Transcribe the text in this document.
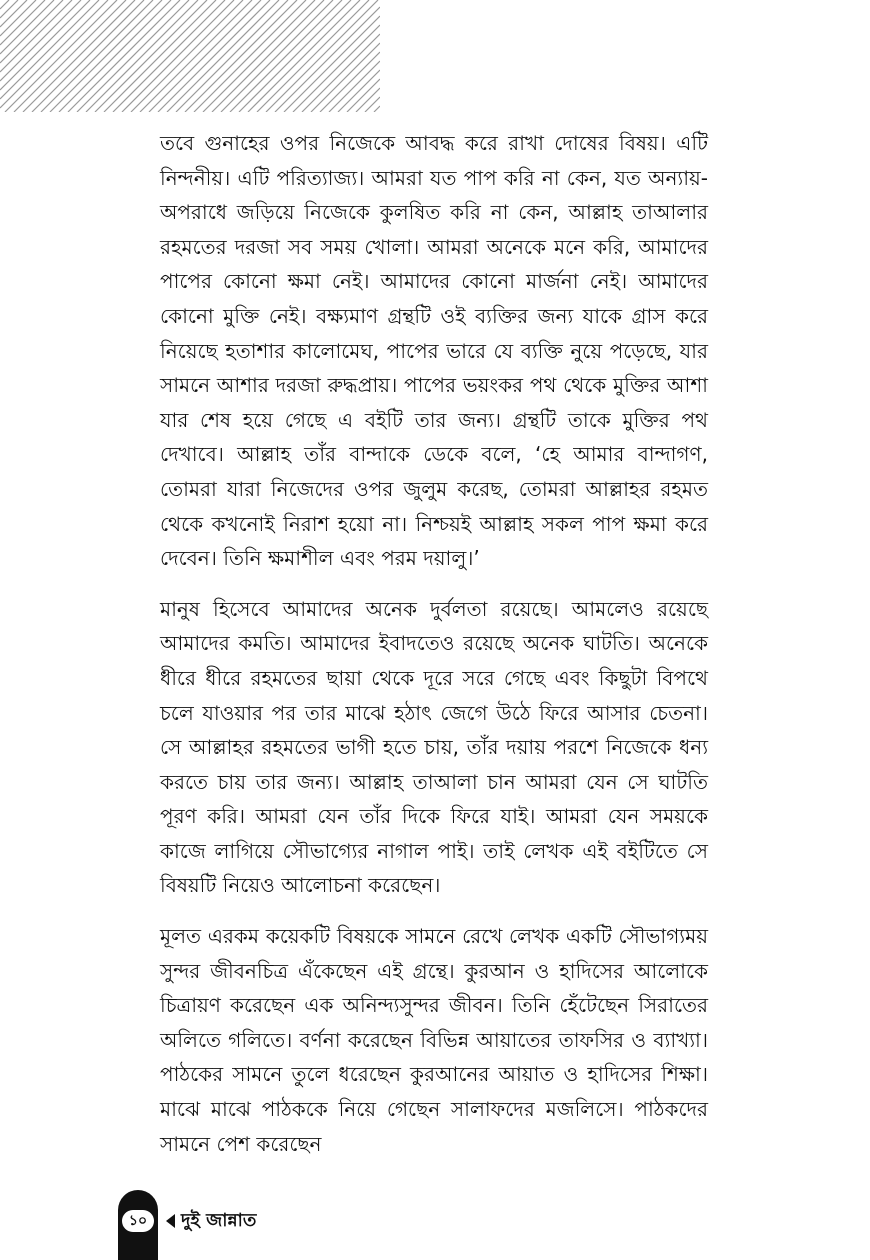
তবে গুনাহের ওপর নিজেকে আবদ্ধ করে রাখা দোষের বিষয়। এটি নিন্দনীয়। এটি পরিত্যাজ্য। আমরা যত পাপ করি না কেন, যত অন্যায়-অপরাধে জড়িয়ে নিজেকে কুলষিত করি না কেন, আল্লাহ তাআলার রহমতের দরজা সব সময় খোলা। আমরা অনেকে মনে করি, আমাদের পাপের কোনো ক্ষমা নেই। আমাদের কোনো মার্জনা নেই। আমাদের কোনো মুক্তি নেই। বক্ষ্যমাণ গ্রন্থটি ওই ব্যক্তির জন্য যাকে গ্রাস করে নিয়েছে হতাশার কালোমেঘ, পাপের ভারে যে ব্যক্তি নুয়ে পড়েছে, যার সামনে আশার দরজা রুদ্ধপ্রায়। পাপের ভয়ংকর পথ থেকে মুক্তির আশা যার শেষ হয়ে গেছে এ বইটি তার জন্য। গ্রন্থটি তাকে মুক্তির পথ দেখাবে। আল্লাহ তাঁর বান্দাকে ডেকে বলে, ‘হে আমার বান্দাগণ, তোমরা যারা নিজেদের ওপর জুলুম করেছ, তোমরা আল্লাহর রহমত থেকে কখনোই নিরাশ হয়ো না। নিশ্চয়ই আল্লাহ সকল পাপ ক্ষমা করে দেবেন। তিনি ক্ষমাশীল এবং পরম দয়ালু।’

মানুষ হিসেবে আমাদের অনেক দুর্বলতা রয়েছে। আমলেও রয়েছে আমাদের কমতি। আমাদের ইবাদতেও রয়েছে অনেক ঘাটতি। অনেকে ধীরে ধীরে রহমতের ছায়া থেকে দূরে সরে গেছে এবং কিছুটা বিপথে চলে যাওয়ার পর তার মাঝে হঠাৎ জেগে উঠে ফিরে আসার চেতনা। সে আল্লাহর রহমতের ভাগী হতে চায়, তাঁর দয়ায় পরশে নিজেকে ধন্য করতে চায় তার জন্য। আল্লাহ তাআলা চান আমরা যেন সে ঘাটতি পূরণ করি। আমরা যেন তাঁর দিকে ফিরে যাই। আমরা যেন সময়কে কাজে লাগিয়ে সৌভাগ্যের নাগাল পাই। তাই লেখক এই বইটিতে সে বিষয়টি নিয়েও আলোচনা করেছেন।

মূলত এরকম কয়েকটি বিষয়কে সামনে রেখে লেখক একটি সৌভাগ্যময় সুন্দর জীবনচিত্র এঁকেছেন এই গ্রন্থে। কুরআন ও হাদিসের আলোকে চিত্রায়ণ করেছেন এক অনিন্দ্যসুন্দর জীবন। তিনি হেঁটেছেন সিরাতের অলিতে গলিতে। বর্ণনা করেছেন বিভিন্ন আয়াতের তাফসির ও ব্যাখ্যা। পাঠকের সামনে তুলে ধরেছেন কুরআনের আয়াত ও হাদিসের শিক্ষা। মাঝে মাঝে পাঠককে নিয়ে গেছেন সালাফদের মজলিসে। পাঠকদের সামনে পেশ করেছেন

১০	দুই জান্নাত
